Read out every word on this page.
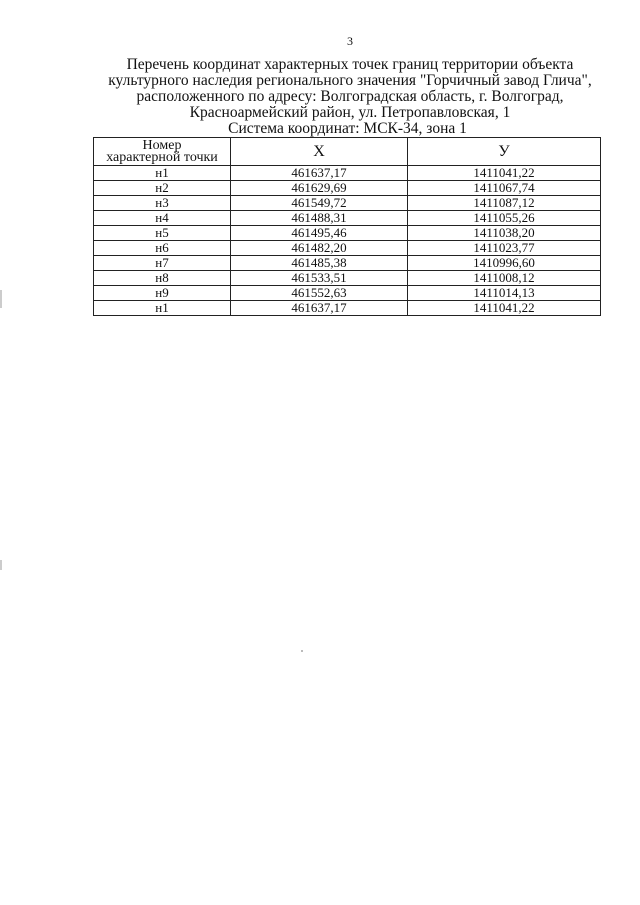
3
Перечень координат характерных точек границ территории объекта
культурного наследия регионального значения "Горчичный завод Глича",
расположенного по адресу: Волгоградская область, г. Волгоград,
Красноармейский район, ул. Петропавловская, 1
Система координат: МСК-34, зона 1
Номер
характерной точки	X	У
н1	461637,17	1411041,22
н2	461629,69	1411067,74
н3	461549,72	1411087,12
н4	461488,31	1411055,26
н5	461495,46	1411038,20
н6	461482,20	1411023,77
н7	461485,38	1410996,60
н8	461533,51	1411008,12
н9	461552,63	1411014,13
н1	461637,17	1411041,22
